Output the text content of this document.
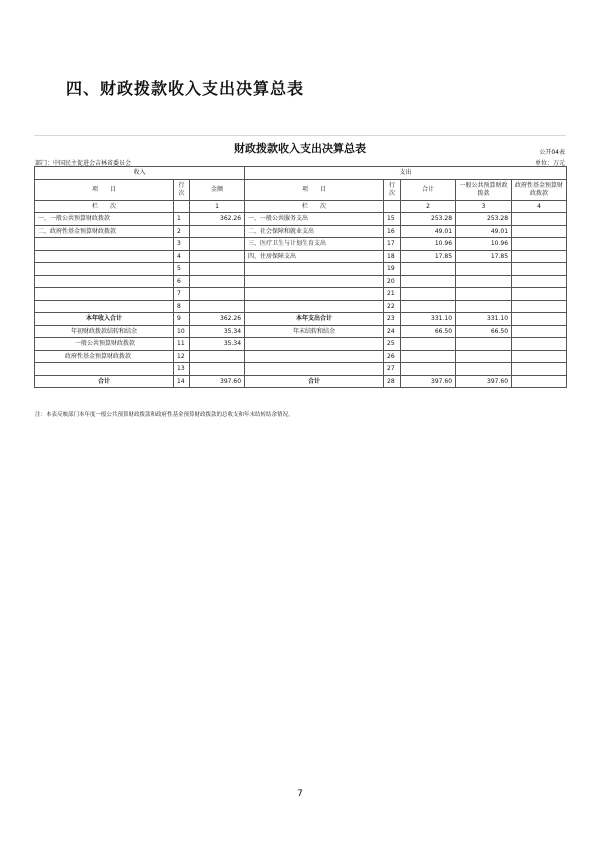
四、财政拨款收入支出决算总表
财政拨款收入支出决算总表	公开04表
部门：中国民主促进会吉林省委员会	单位：万元
收入			支出				
项　　目	行次	金额	项　　目	行次	合计	一般公共预算财政拨款	政府性基金预算财政拨款
栏　　次		1	栏　　次		2	3	4
一、一般公共预算财政拨款	1	362.26	一、一般公共服务支出	15	253.28	253.28	
二、政府性基金预算财政拨款	2		二、社会保障和就业支出	16	49.01	49.01	
	3		三、医疗卫生与计划生育支出	17	10.96	10.96	
	4		四、住房保障支出	18	17.85	17.85	
	5			19			
	6			20			
	7			21			
	8			22			
本年收入合计	9	362.26	本年支出合计	23	331.10	331.10	
年初财政拨款结转和结余	10	35.34	年末结转和结余	24	66.50	66.50	
一般公共预算财政拨款	11	35.34		25			
政府性基金预算财政拨款	12			26			
	13			27			
合计	14	397.60	合计	28	397.60	397.60	
注：本表反映部门本年度一般公共预算财政拨款和政府性基金预算财政拨款的总收支和年末结转结余情况。
7
